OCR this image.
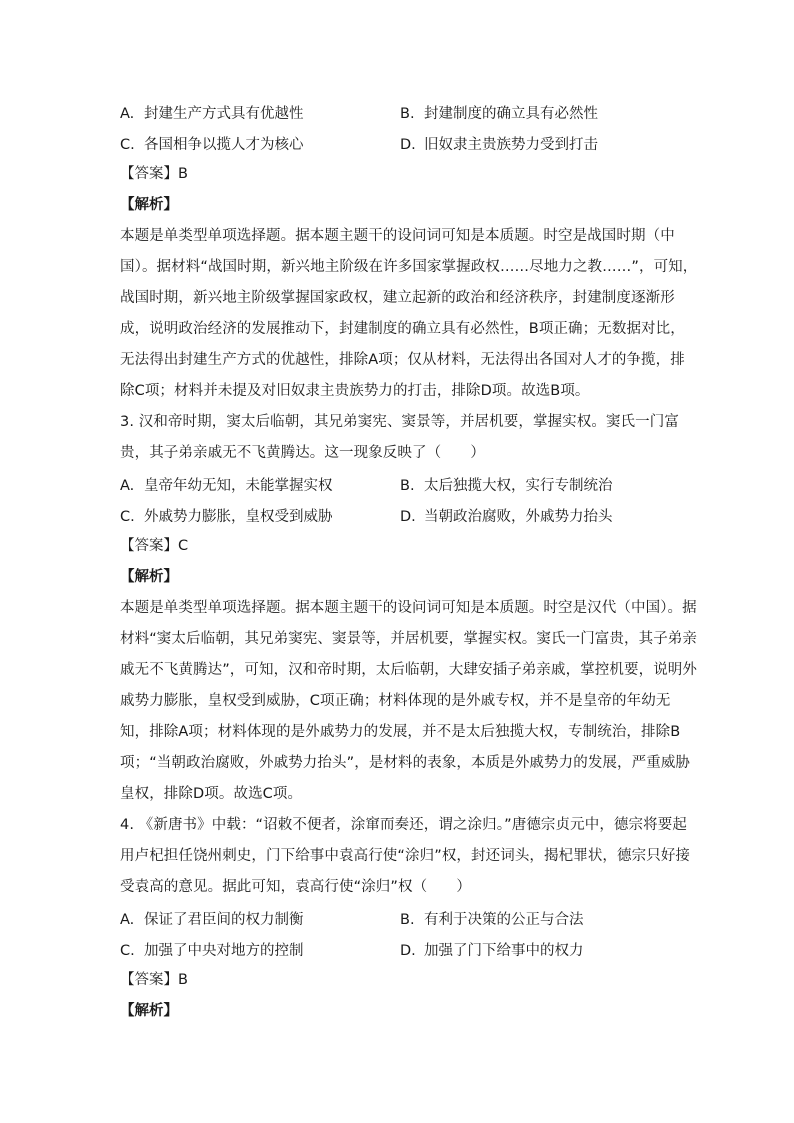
A. 封建生产方式具有优越性	B. 封建制度的确立具有必然性
C. 各国相争以揽人才为核心	D. 旧奴隶主贵族势力受到打击
【答案】B
【解析】
本题是单类型单项选择题。据本题主题干的设问词可知是本质题。时空是战国时期（中
国）。据材料“战国时期，新兴地主阶级在许多国家掌握政权……尽地力之教……”，可知，
战国时期，新兴地主阶级掌握国家政权，建立起新的政治和经济秩序，封建制度逐渐形
成，说明政治经济的发展推动下，封建制度的确立具有必然性，B项正确；无数据对比，
无法得出封建生产方式的优越性，排除A项；仅从材料，无法得出各国对人才的争揽，排
除C项；材料并未提及对旧奴隶主贵族势力的打击，排除D项。故选B项。
3. 汉和帝时期，窦太后临朝，其兄弟窦宪、窦景等，并居机要，掌握实权。窦氏一门富
贵，其子弟亲戚无不飞黄腾达。这一现象反映了（　　）
A. 皇帝年幼无知，未能掌握实权	B. 太后独揽大权，实行专制统治
C. 外戚势力膨胀，皇权受到威胁	D. 当朝政治腐败，外戚势力抬头
【答案】C
【解析】
本题是单类型单项选择题。据本题主题干的设问词可知是本质题。时空是汉代（中国）。据
材料“窦太后临朝，其兄弟窦宪、窦景等，并居机要，掌握实权。窦氏一门富贵，其子弟亲
戚无不飞黄腾达”，可知，汉和帝时期，太后临朝，大肆安插子弟亲戚，掌控机要，说明外
戚势力膨胀，皇权受到威胁，C项正确；材料体现的是外戚专权，并不是皇帝的年幼无
知，排除A项；材料体现的是外戚势力的发展，并不是太后独揽大权，专制统治，排除B
项；“当朝政治腐败，外戚势力抬头”，是材料的表象，本质是外戚势力的发展，严重威胁
皇权，排除D项。故选C项。
4. 《新唐书》中载：“诏敕不便者，涂窜而奏还，谓之涂归。”唐德宗贞元中，德宗将要起
用卢杞担任饶州刺史，门下给事中袁高行使“涂归”权，封还词头，揭杞罪状，德宗只好接
受袁高的意见。据此可知，袁高行使“涂归”权（　　）
A. 保证了君臣间的权力制衡	B. 有利于决策的公正与合法
C. 加强了中央对地方的控制	D. 加强了门下给事中的权力
【答案】B
【解析】
